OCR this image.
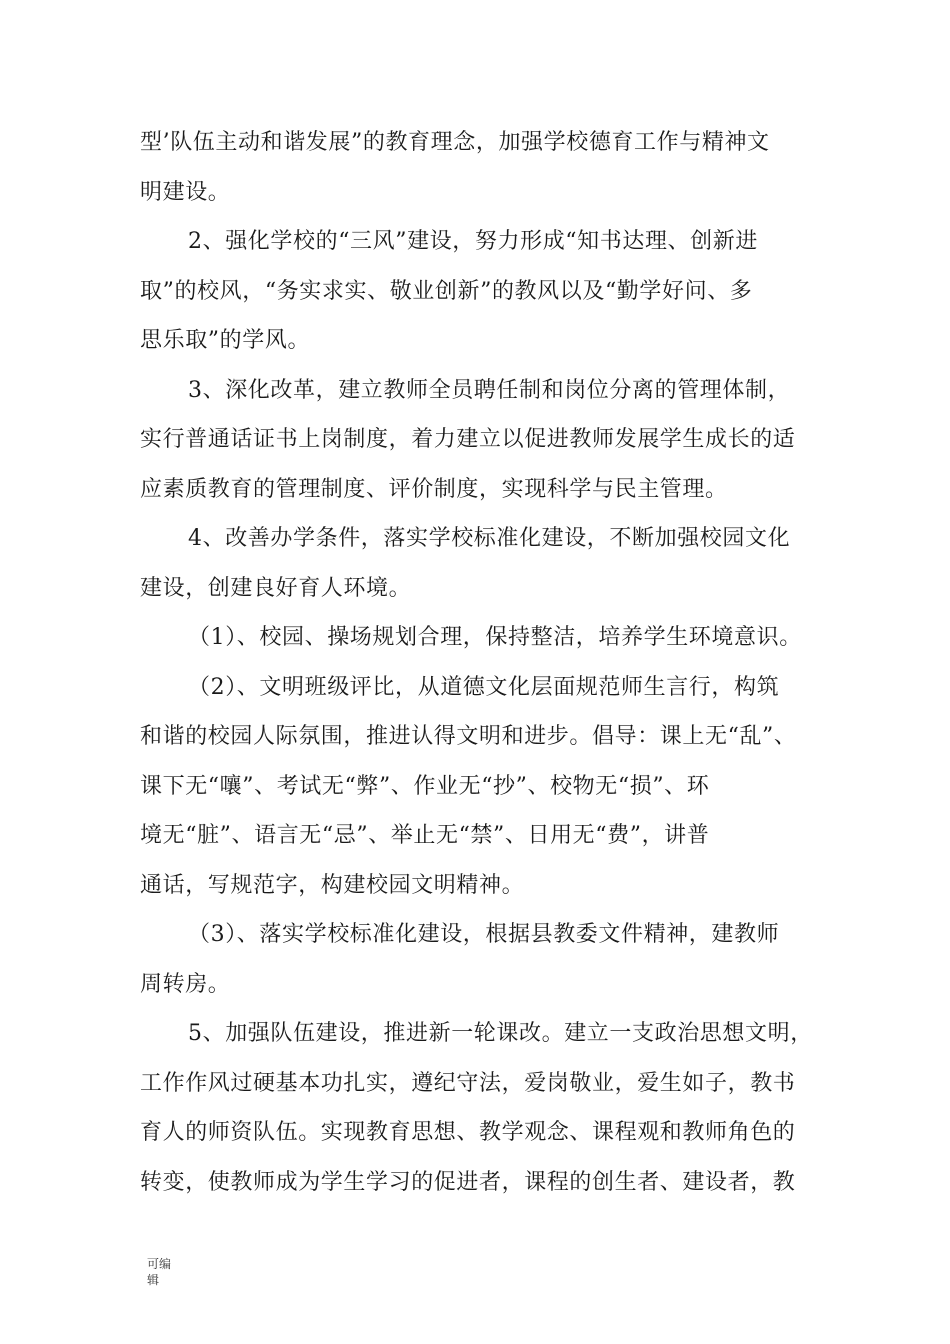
型’队伍主动和谐发展”的教育理念，加强学校德育工作与精神文
明建设。
2、强化学校的“三风”建设，努力形成“知书达理、创新进
取”的校风，“务实求实、敬业创新”的教风以及“勤学好问、多
思乐取”的学风。
3、深化改革，建立教师全员聘任制和岗位分离的管理体制，
实行普通话证书上岗制度，着力建立以促进教师发展学生成长的适
应素质教育的管理制度、评价制度，实现科学与民主管理。
4、改善办学条件，落实学校标准化建设，不断加强校园文化
建设，创建良好育人环境。
（1）、校园、操场规划合理，保持整洁，培养学生环境意识。
（2）、文明班级评比，从道德文化层面规范师生言行，构筑
和谐的校园人际氛围，推进认得文明和进步。倡导：课上无“乱”、
课下无“嚷”、考试无“弊”、作业无“抄”、校物无“损”、环
境无“脏”、语言无“忌”、举止无“禁”、日用无“费”，讲普
通话，写规范字，构建校园文明精神。
（3）、落实学校标准化建设，根据县教委文件精神，建教师
周转房。
5、加强队伍建设，推进新一轮课改。建立一支政治思想文明，
工作作风过硬基本功扎实，遵纪守法，爱岗敬业，爱生如子，教书
育人的师资队伍。实现教育思想、教学观念、课程观和教师角色的
转变，使教师成为学生学习的促进者，课程的创生者、建设者，教
可编
辑
